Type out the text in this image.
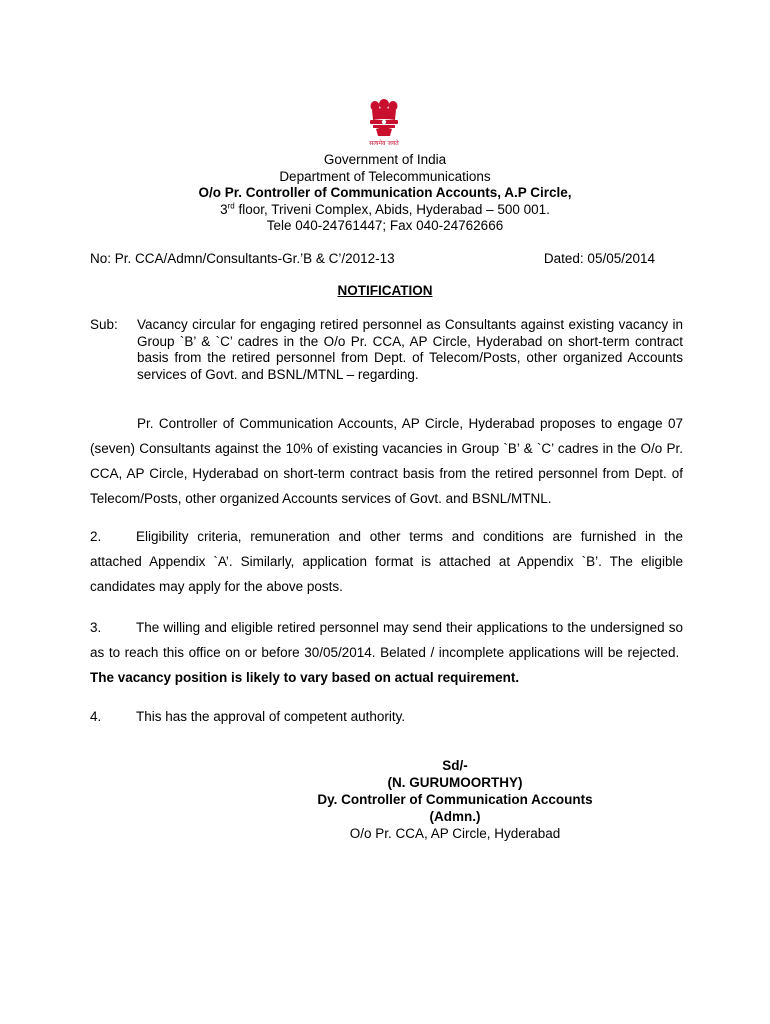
सत्यमेव जयते
Government of India
Department of Telecommunications
O/o Pr. Controller of Communication Accounts, A.P Circle,
3rd floor, Triveni Complex, Abids, Hyderabad – 500 001.
Tele 040-24761447; Fax 040-24762666
No: Pr. CCA/Admn/Consultants-Gr.’B & C’/2012-13	Dated: 05/05/2014
NOTIFICATION
Sub: Vacancy circular for engaging retired personnel as Consultants against existing vacancy in Group `B’ & `C’ cadres in the O/o Pr. CCA, AP Circle, Hyderabad on short-term contract basis from the retired personnel from Dept. of Telecom/Posts, other organized Accounts services of Govt. and BSNL/MTNL – regarding.
Pr. Controller of Communication Accounts, AP Circle, Hyderabad proposes to engage 07 (seven) Consultants against the 10% of existing vacancies in Group `B’ & `C’ cadres in the O/o Pr. CCA, AP Circle, Hyderabad on short-term contract basis from the retired personnel from Dept. of Telecom/Posts, other organized Accounts services of Govt. and BSNL/MTNL.
2.	Eligibility criteria, remuneration and other terms and conditions are furnished in the attached Appendix `A’. Similarly, application format is attached at Appendix `B’. The eligible candidates may apply for the above posts.
3.	The willing and eligible retired personnel may send their applications to the undersigned so as to reach this office on or before 30/05/2014. Belated / incomplete applications will be rejected.  The vacancy position is likely to vary based on actual requirement.
4.	This has the approval of competent authority.
Sd/-
(N. GURUMOORTHY)
Dy. Controller of Communication Accounts (Admn.)
O/o Pr. CCA, AP Circle, Hyderabad
